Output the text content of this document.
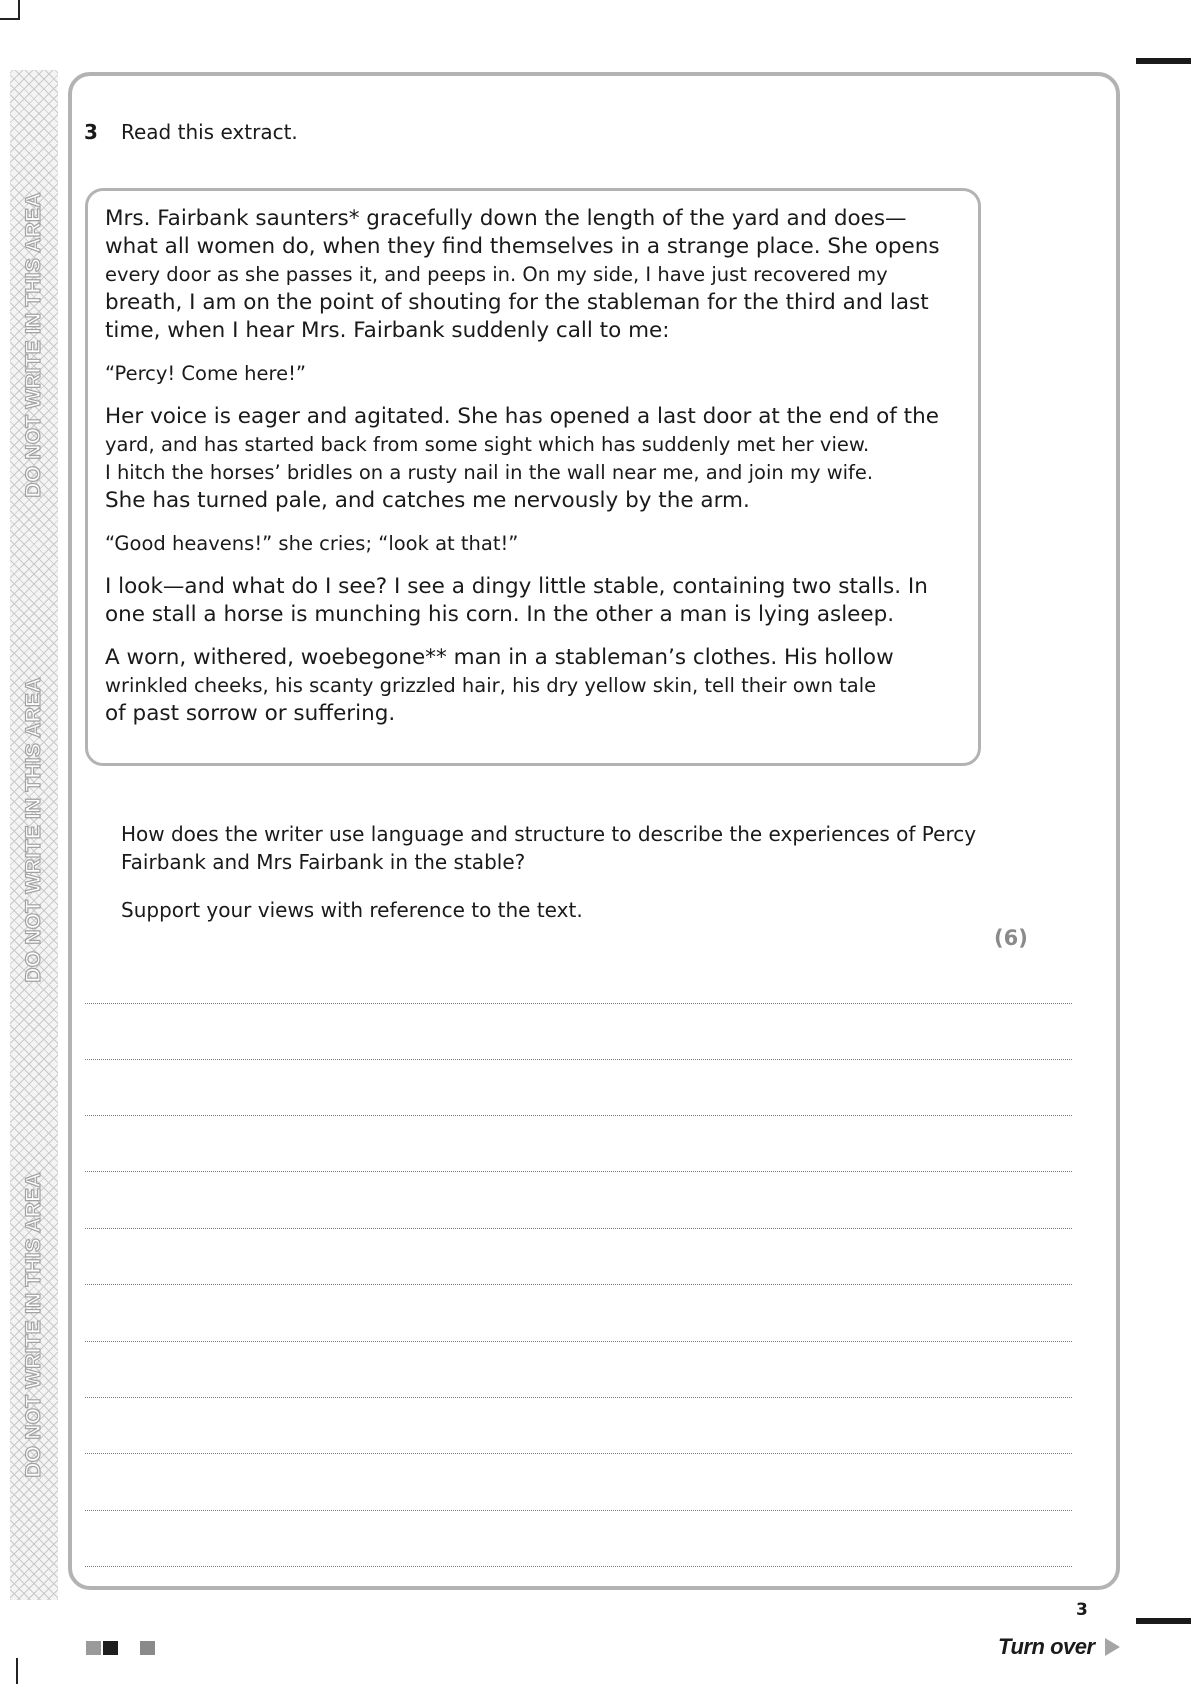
DO NOT WRITE IN THIS AREA
DO NOT WRITE IN THIS AREA
DO NOT WRITE IN THIS AREA
3 Read this extract.

Mrs. Fairbank saunters* gracefully down the length of the yard and does—
what all women do, when they find themselves in a strange place. She opens
every door as she passes it, and peeps in. On my side, I have just recovered my
breath, I am on the point of shouting for the stableman for the third and last
time, when I hear Mrs. Fairbank suddenly call to me:

“Percy! Come here!”

Her voice is eager and agitated. She has opened a last door at the end of the
yard, and has started back from some sight which has suddenly met her view.
I hitch the horses’ bridles on a rusty nail in the wall near me, and join my wife.
She has turned pale, and catches me nervously by the arm.

“Good heavens!” she cries; “look at that!”

I look—and what do I see? I see a dingy little stable, containing two stalls. In
one stall a horse is munching his corn. In the other a man is lying asleep.

A worn, withered, woebegone** man in a stableman’s clothes. His hollow
wrinkled cheeks, his scanty grizzled hair, his dry yellow skin, tell their own tale
of past sorrow or suffering.

How does the writer use language and structure to describe the experiences of Percy
Fairbank and Mrs Fairbank in the stable?

Support your views with reference to the text.

(6)
3
Turn over
